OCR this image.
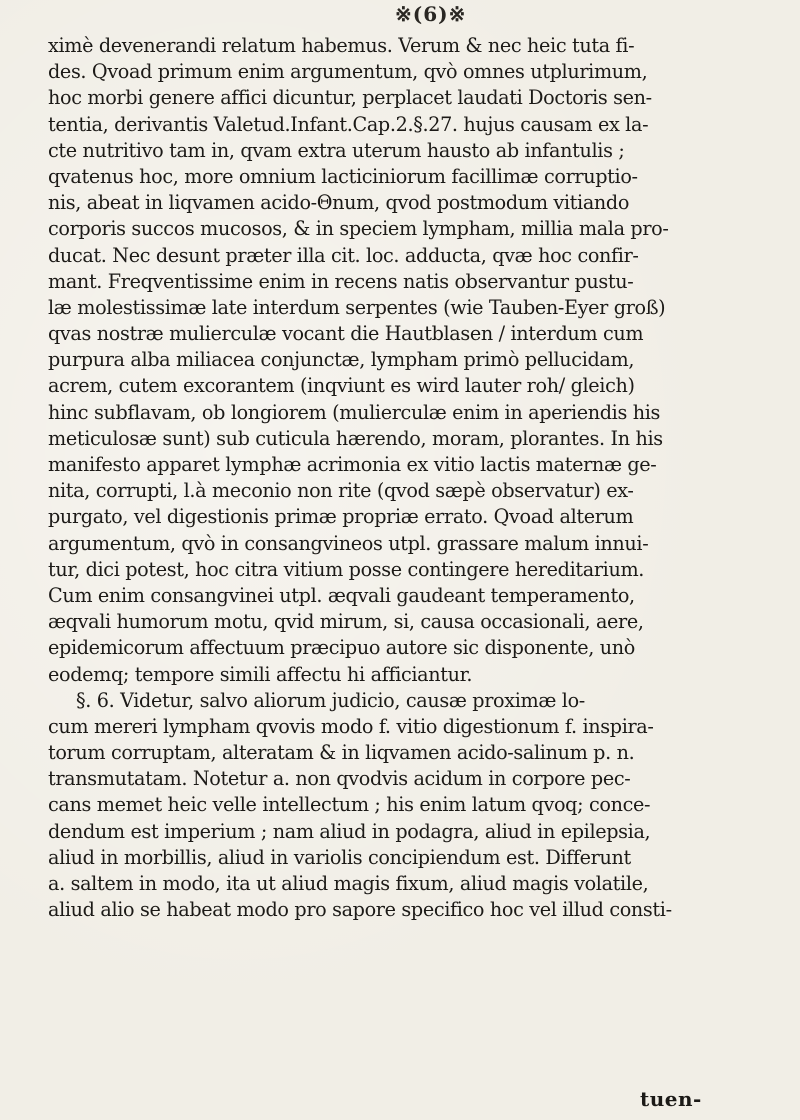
※(6)※
ximè devenerandi relatum habemus. Verum & nec heic tuta fi-
des. Qvoad primum enim argumentum, qvò omnes utplurimum,
hoc morbi genere affici dicuntur, perplacet laudati Doctoris sen-
tentia, derivantis Valetud.Infant.Cap.2.§.27. hujus causam ex la-
cte nutritivo tam in, qvam extra uterum hausto ab infantulis ;
qvatenus hoc, more omnium lacticiniorum facillimæ corruptio-
nis, abeat in liqvamen acido-Θnum, qvod postmodum vitiando
corporis succos mucosos, & in speciem lympham, millia mala pro-
ducat. Nec desunt præter illa cit. loc. adducta, qvæ hoc confir-
mant. Freqventissime enim in recens natis observantur pustu-
læ molestissimæ late interdum serpentes (wie Tauben-Eyer groß)
qvas nostræ mulierculæ vocant die Hautblasen / interdum cum
purpura alba miliacea conjunctæ, lympham primò pellucidam,
acrem, cutem excorantem (inqviunt es wird lauter roh/ gleich)
hinc subflavam, ob longiorem (mulierculæ enim in aperiendis his
meticulosæ sunt) sub cuticula hærendo, moram, plorantes. In his
manifesto apparet lymphæ acrimonia ex vitio lactis maternæ ge-
nita, corrupti, l.à meconio non rite (qvod sæpè observatur) ex-
purgato, vel digestionis primæ propriæ errato. Qvoad alterum
argumentum, qvò in consangvineos utpl. grassare malum innui-
tur, dici potest, hoc citra vitium posse contingere hereditarium.
Cum enim consangvinei utpl. æqvali gaudeant temperamento,
æqvali humorum motu, qvid mirum, si, causa occasionali, aere,
epidemicorum affectuum præcipuo autore sic disponente, unò
eodemq; tempore simili affectu hi afficiantur.
§. 6. Videtur, salvo aliorum judicio, causæ proximæ lo-
cum mereri lympham qvovis modo f. vitio digestionum f. inspira-
torum corruptam, alteratam & in liqvamen acido-salinum p. n.
transmutatam. Notetur a. non qvodvis acidum in corpore pec-
cans memet heic velle intellectum ; his enim latum qvoq; conce-
dendum est imperium ; nam aliud in podagra, aliud in epilepsia,
aliud in morbillis, aliud in variolis concipiendum est. Differunt
a. saltem in modo, ita ut aliud magis fixum, aliud magis volatile,
aliud alio se habeat modo pro sapore specifico hoc vel illud consti-
tuen-
